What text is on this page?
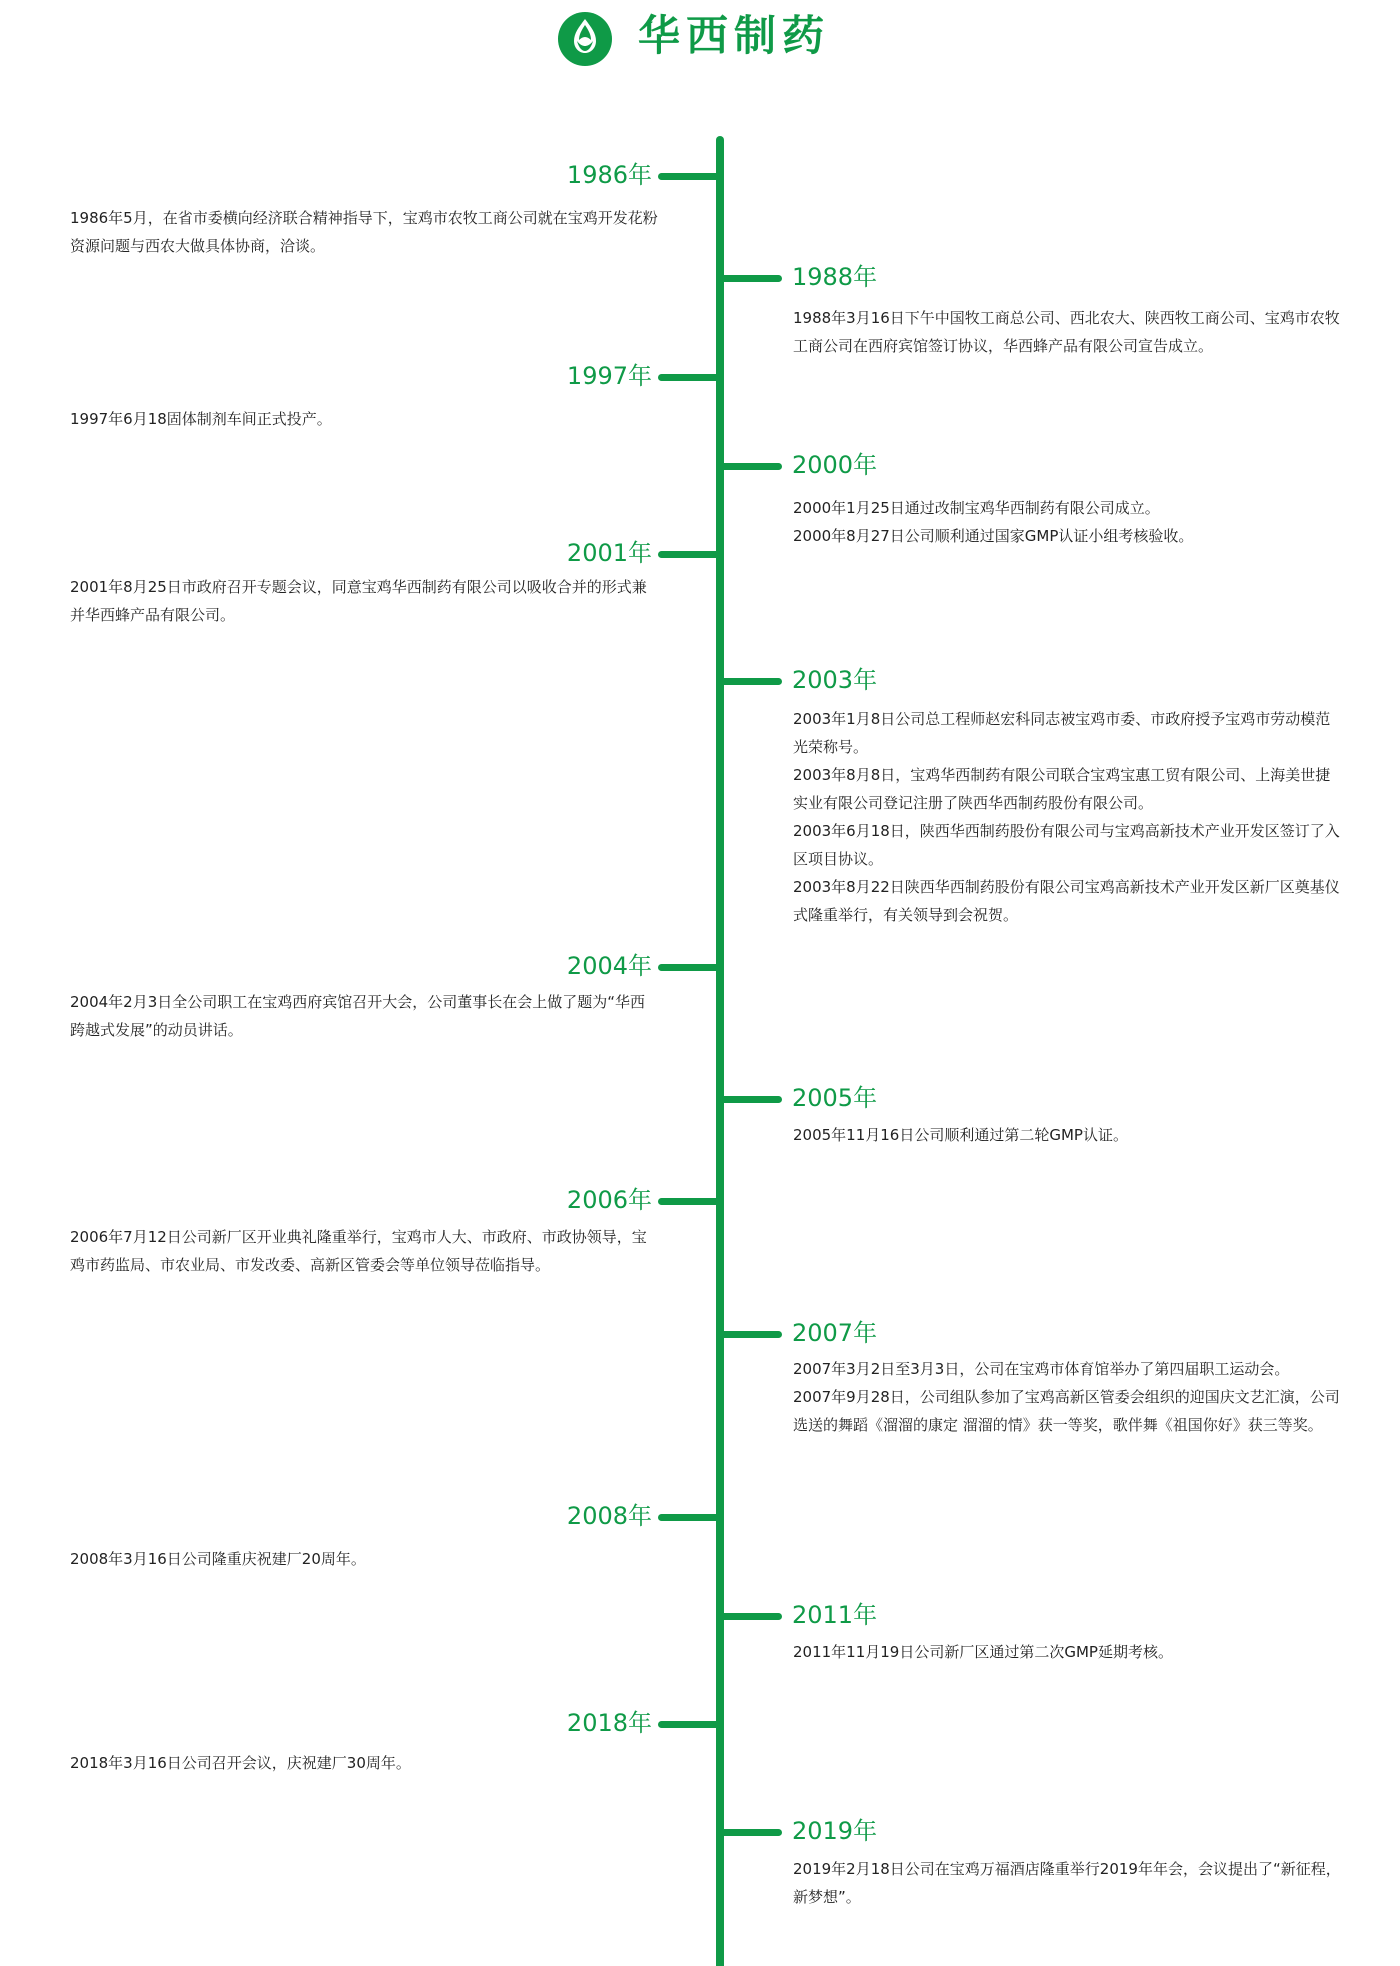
华西制药
1986年

1986年5月，在省市委横向经济联合精神指导下，宝鸡市农牧工商公司就在宝鸡开发花粉资源问题与西农大做具体协商，洽谈。

1988年

1988年3月16日下午中国牧工商总公司、西北农大、陕西牧工商公司、宝鸡市农牧工商公司在西府宾馆签订协议，华西蜂产品有限公司宣告成立。

1997年

1997年6月18固体制剂车间正式投产。

2000年

2000年1月25日通过改制宝鸡华西制药有限公司成立。

2000年8月27日公司顺利通过国家GMP认证小组考核验收。

2001年

2001年8月25日市政府召开专题会议，同意宝鸡华西制药有限公司以吸收合并的形式兼并华西蜂产品有限公司。

2003年

2003年1月8日公司总工程师赵宏科同志被宝鸡市委、市政府授予宝鸡市劳动模范光荣称号。

2003年8月8日，宝鸡华西制药有限公司联合宝鸡宝惠工贸有限公司、上海美世捷实业有限公司登记注册了陕西华西制药股份有限公司。

2003年6月18日，陕西华西制药股份有限公司与宝鸡高新技术产业开发区签订了入区项目协议。

2003年8月22日陕西华西制药股份有限公司宝鸡高新技术产业开发区新厂区奠基仪式隆重举行，有关领导到会祝贺。

2004年

2004年2月3日全公司职工在宝鸡西府宾馆召开大会，公司董事长在会上做了题为“华西跨越式发展”的动员讲话。

2005年

2005年11月16日公司顺利通过第二轮GMP认证。

2006年

2006年7月12日公司新厂区开业典礼隆重举行，宝鸡市人大、市政府、市政协领导，宝鸡市药监局、市农业局、市发改委、高新区管委会等单位领导莅临指导。

2007年

2007年3月2日至3月3日，公司在宝鸡市体育馆举办了第四届职工运动会。

2007年9月28日，公司组队参加了宝鸡高新区管委会组织的迎国庆文艺汇演，公司选送的舞蹈《溜溜的康定 溜溜的情》获一等奖，歌伴舞《祖国你好》获三等奖。

2008年

2008年3月16日公司隆重庆祝建厂20周年。

2011年

2011年11月19日公司新厂区通过第二次GMP延期考核。

2018年

2018年3月16日公司召开会议，庆祝建厂30周年。

2019年

2019年2月18日公司在宝鸡万福酒店隆重举行2019年年会，会议提出了“新征程，新梦想”。
